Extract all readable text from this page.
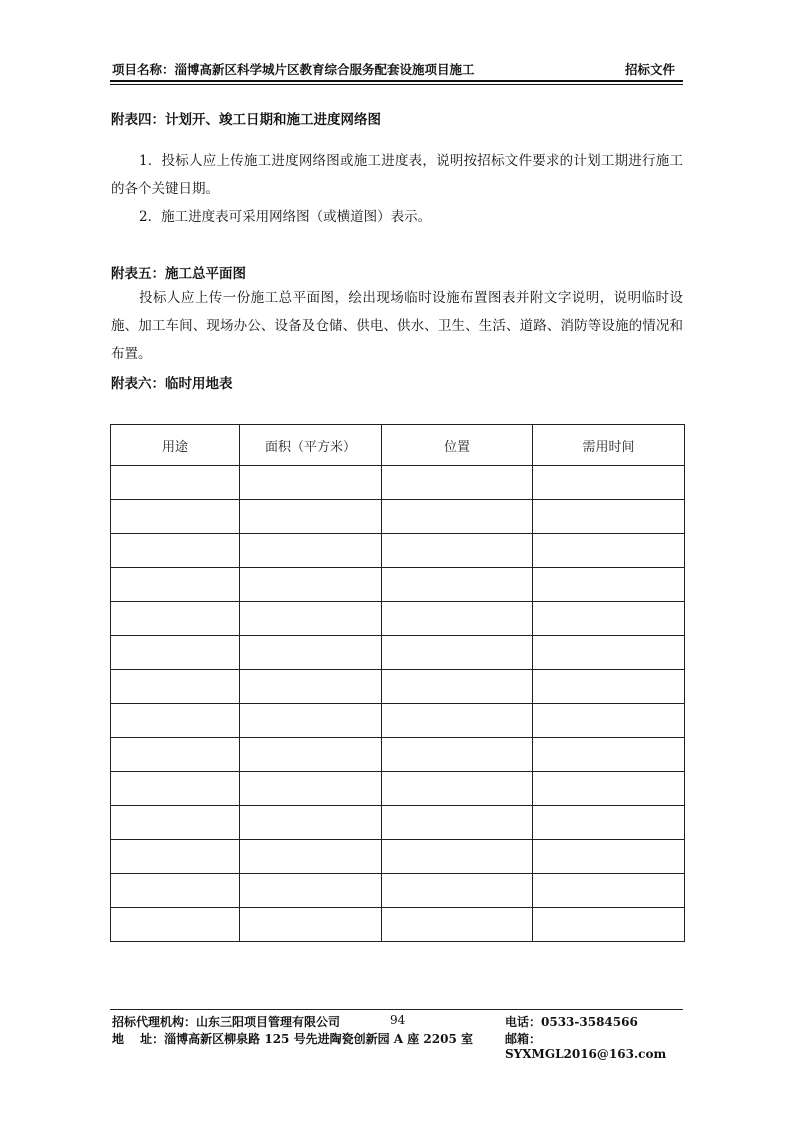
项目名称：淄博高新区科学城片区教育综合服务配套设施项目施工	招标文件
附表四：计划开、竣工日期和施工进度网络图
1．投标人应上传施工进度网络图或施工进度表，说明按招标文件要求的计划工期进行施工的各个关键日期。
2．施工进度表可采用网络图（或横道图）表示。
附表五：施工总平面图
投标人应上传一份施工总平面图，绘出现场临时设施布置图表并附文字说明，说明临时设施、加工车间、现场办公、设备及仓储、供电、供水、卫生、生活、道路、消防等设施的情况和布置。
附表六：临时用地表
用途	面积（平方米）	位置	需用时间

招标代理机构：山东三阳项目管理有限公司	94	电话：0533-3584566
地　 址：淄博高新区柳泉路 125 号先进陶瓷创新园 A 座 2205 室	邮箱：SYXMGL2016@163.com
